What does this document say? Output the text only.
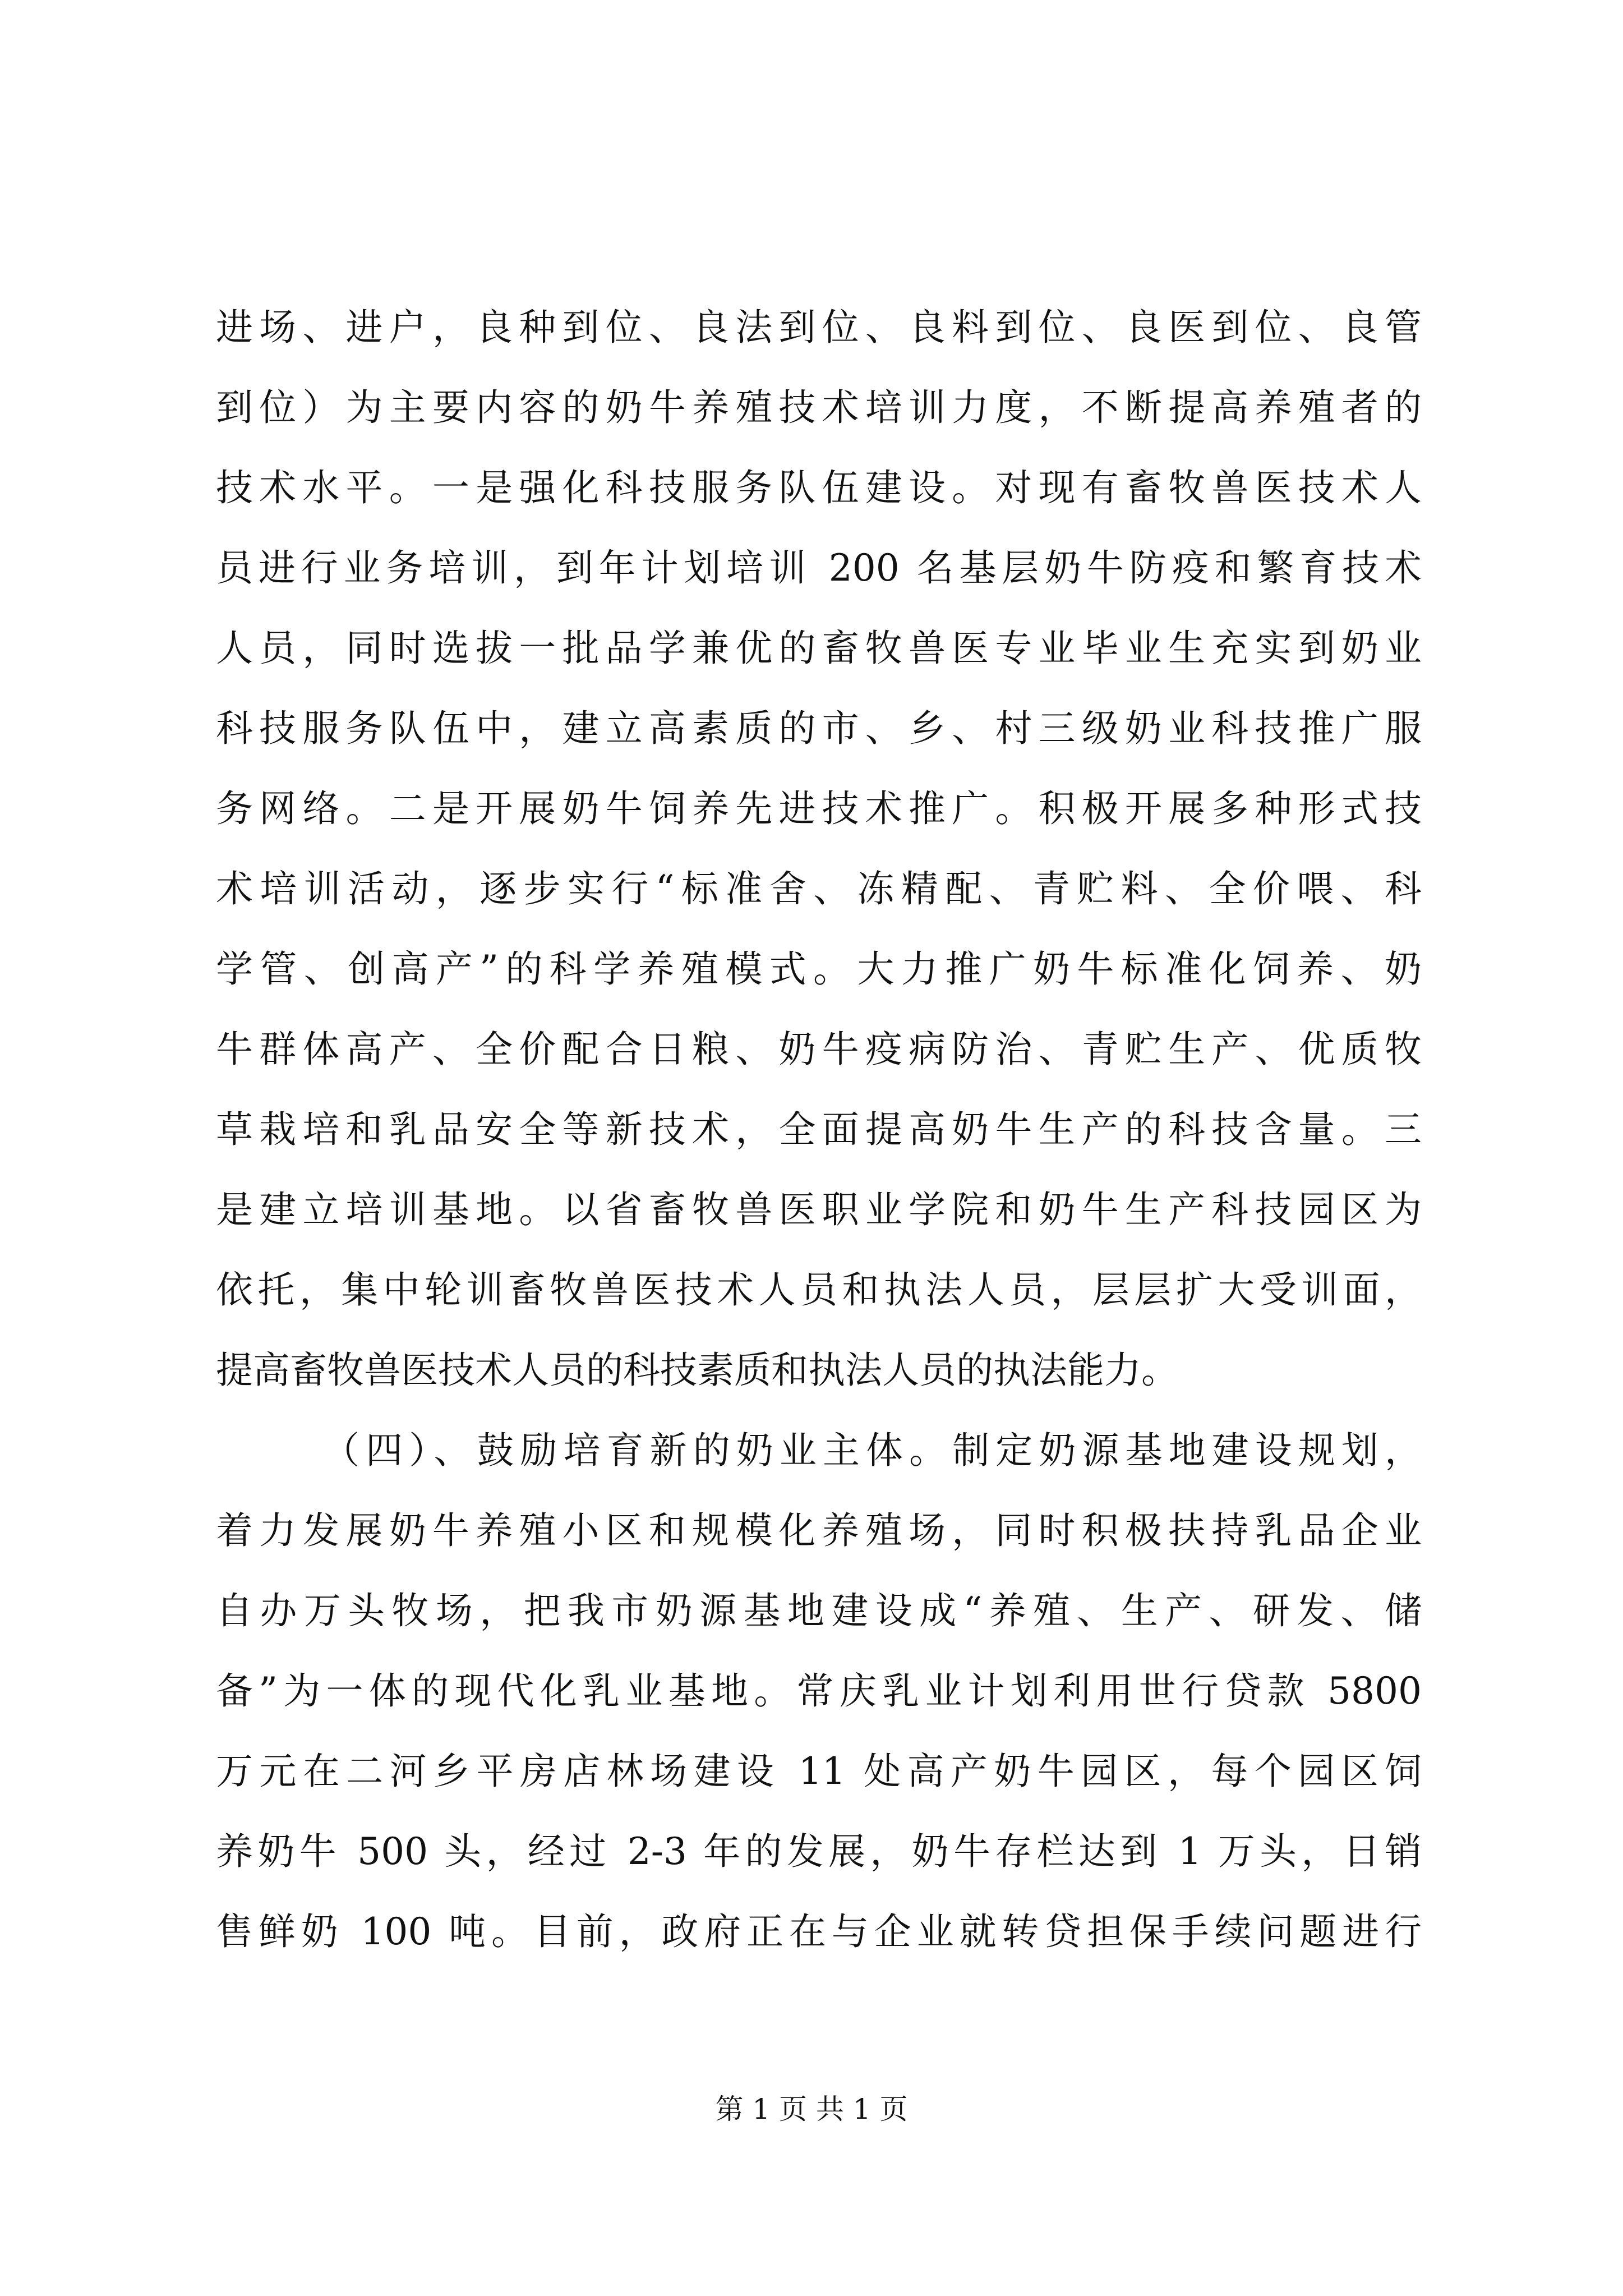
进场、进户，良种到位、良法到位、良料到位、良医到位、良管
到位）为主要内容的奶牛养殖技术培训力度，不断提高养殖者的
技术水平。一是强化科技服务队伍建设。对现有畜牧兽医技术人
员进行业务培训，到年计划培训 200 名基层奶牛防疫和繁育技术
人员，同时选拔一批品学兼优的畜牧兽医专业毕业生充实到奶业
科技服务队伍中，建立高素质的市、乡、村三级奶业科技推广服
务网络。二是开展奶牛饲养先进技术推广。积极开展多种形式技
术培训活动，逐步实行“标准舍、冻精配、青贮料、全价喂、科
学管、创高产”的科学养殖模式。大力推广奶牛标准化饲养、奶
牛群体高产、全价配合日粮、奶牛疫病防治、青贮生产、优质牧
草栽培和乳品安全等新技术，全面提高奶牛生产的科技含量。三
是建立培训基地。以省畜牧兽医职业学院和奶牛生产科技园区为
依托，集中轮训畜牧兽医技术人员和执法人员，层层扩大受训面，
提高畜牧兽医技术人员的科技素质和执法人员的执法能力。
（四）、鼓励培育新的奶业主体。制定奶源基地建设规划，
着力发展奶牛养殖小区和规模化养殖场，同时积极扶持乳品企业
自办万头牧场，把我市奶源基地建设成“养殖、生产、研发、储
备”为一体的现代化乳业基地。常庆乳业计划利用世行贷款 5800
万元在二河乡平房店林场建设 11 处高产奶牛园区，每个园区饲
养奶牛 500 头，经过 2-3 年的发展，奶牛存栏达到 1 万头，日销
售鲜奶 100 吨。目前，政府正在与企业就转贷担保手续问题进行
第 1 页 共 1 页
